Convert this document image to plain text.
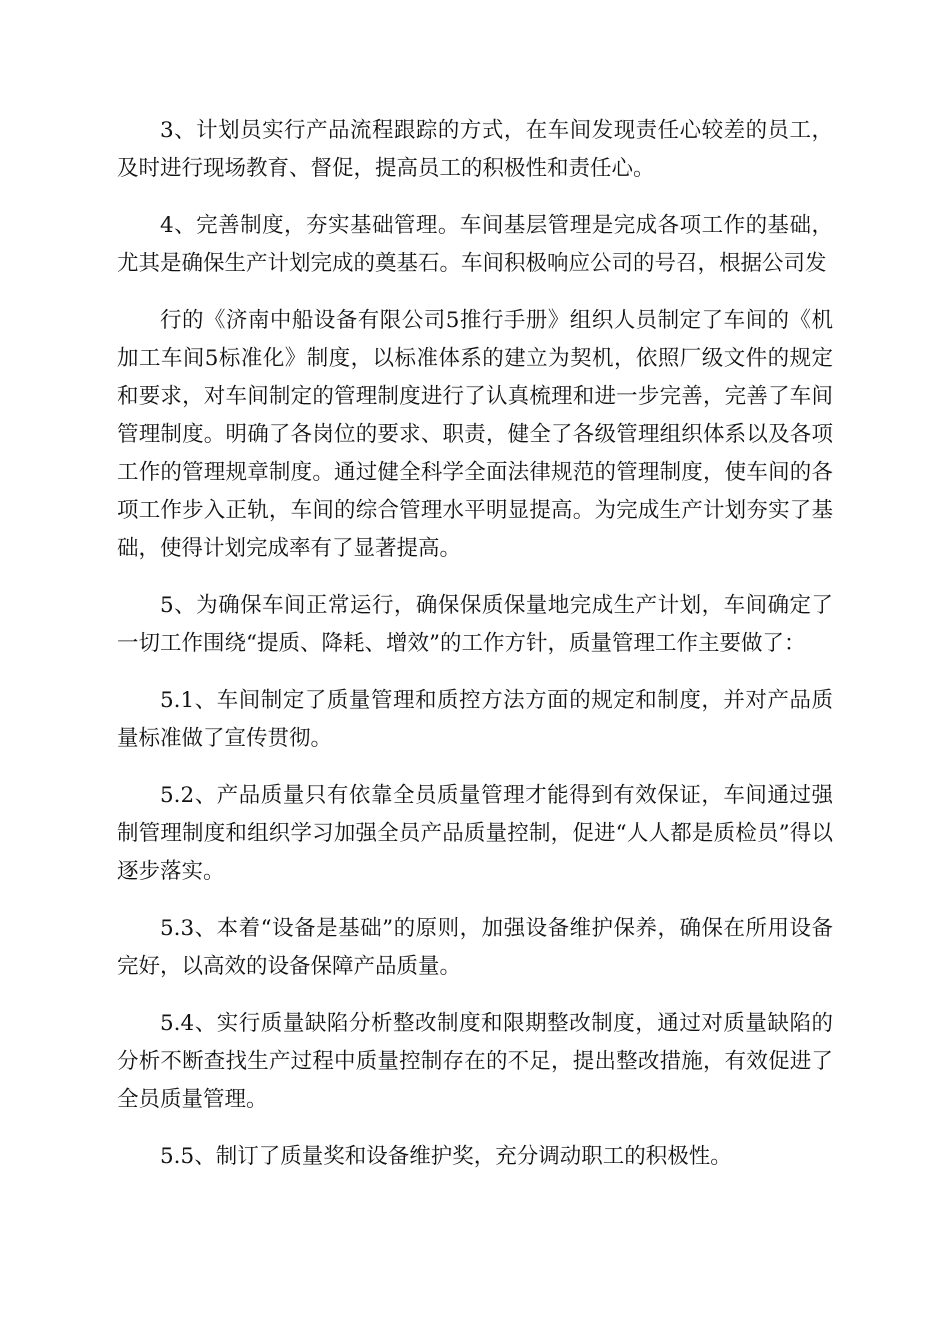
3、计划员实行产品流程跟踪的方式，在车间发现责任心较差的员工，及时进行现场教育、督促，提高员工的积极性和责任心。

4、完善制度，夯实基础管理。车间基层管理是完成各项工作的基础，尤其是确保生产计划完成的奠基石。车间积极响应公司的号召，根据公司发

行的《济南中船设备有限公司5推行手册》组织人员制定了车间的《机加工车间5标准化》制度，以标准体系的建立为契机，依照厂级文件的规定和要求，对车间制定的管理制度进行了认真梳理和进一步完善，完善了车间管理制度。明确了各岗位的要求、职责，健全了各级管理组织体系以及各项工作的管理规章制度。通过健全科学全面法律规范的管理制度，使车间的各项工作步入正轨，车间的综合管理水平明显提高。为完成生产计划夯实了基础，使得计划完成率有了显著提高。

5、为确保车间正常运行，确保保质保量地完成生产计划，车间确定了一切工作围绕“提质、降耗、增效”的工作方针，质量管理工作主要做了：

5.1、车间制定了质量管理和质控方法方面的规定和制度，并对产品质量标准做了宣传贯彻。

5.2、产品质量只有依靠全员质量管理才能得到有效保证，车间通过强制管理制度和组织学习加强全员产品质量控制，促进“人人都是质检员”得以逐步落实。

5.3、本着“设备是基础”的原则，加强设备维护保养，确保在所用设备完好，以高效的设备保障产品质量。

5.4、实行质量缺陷分析整改制度和限期整改制度，通过对质量缺陷的分析不断查找生产过程中质量控制存在的不足，提出整改措施，有效促进了全员质量管理。

5.5、制订了质量奖和设备维护奖，充分调动职工的积极性。
